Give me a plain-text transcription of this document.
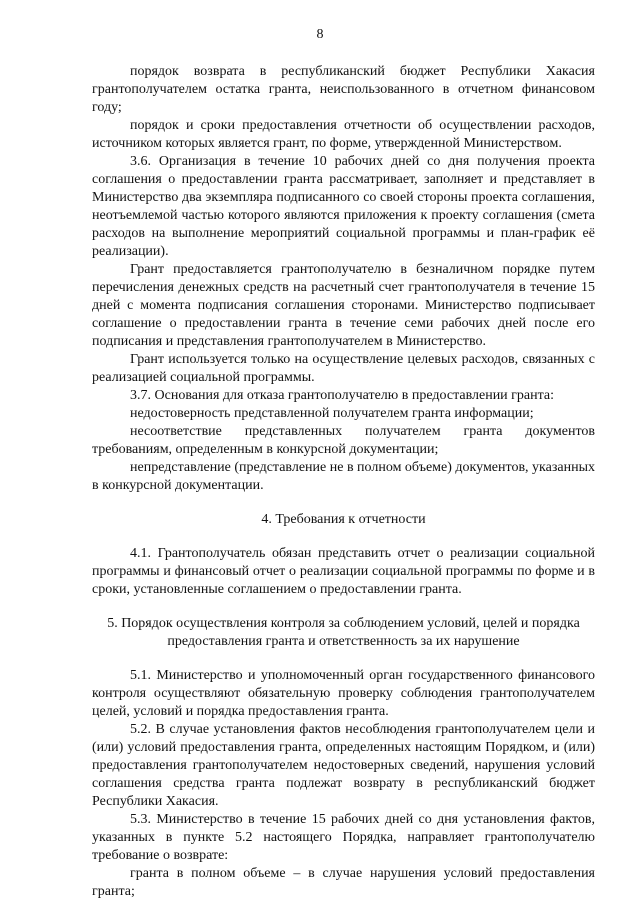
8

порядок возврата в республиканский бюджет Республики Хакасия грантополучателем остатка гранта, неиспользованного в отчетном финансовом году;

порядок и сроки предоставления отчетности об осуществлении расходов, источником которых является грант, по форме, утвержденной Министерством.

3.6. Организация в течение 10 рабочих дней со дня получения проекта соглашения о предоставлении гранта рассматривает, заполняет и представляет в Министерство два экземпляра подписанного со своей стороны проекта соглашения, неотъемлемой частью которого являются приложения к проекту соглашения (смета расходов на выполнение мероприятий социальной программы и план-график её реализации).

Грант предоставляется грантополучателю в безналичном порядке путем перечисления денежных средств на расчетный счет грантополучателя в течение 15 дней с момента подписания соглашения сторонами. Министерство подписывает соглашение о предоставлении гранта в течение семи рабочих дней после его подписания и представления грантополучателем в Министерство.

Грант используется только на осуществление целевых расходов, связанных с реализацией социальной программы.

3.7. Основания для отказа грантополучателю в предоставлении гранта:

недостоверность представленной получателем гранта информации;

несоответствие представленных получателем гранта документов требованиям, определенным в конкурсной документации;

непредставление (представление не в полном объеме) документов, указанных в конкурсной документации.

4. Требования к отчетности

4.1. Грантополучатель обязан представить отчет о реализации социальной программы и финансовый отчет о реализации социальной программы по форме и в сроки, установленные соглашением о предоставлении гранта.

5. Порядок осуществления контроля за соблюдением условий, целей и порядка предоставления гранта и ответственность за их нарушение

5.1. Министерство и уполномоченный орган государственного финансового контроля осуществляют обязательную проверку соблюдения грантополучателем целей, условий и порядка предоставления гранта.

5.2. В случае установления фактов несоблюдения грантополучателем цели и (или) условий предоставления гранта, определенных настоящим Порядком, и (или) предоставления грантополучателем недостоверных сведений, нарушения условий соглашения средства гранта подлежат возврату в республиканский бюджет Республики Хакасия.

5.3. Министерство в течение 15 рабочих дней со дня установления фактов, указанных в пункте 5.2 настоящего Порядка, направляет грантополучателю требование о возврате:

гранта в полном объеме – в случае нарушения условий предоставления гранта;
